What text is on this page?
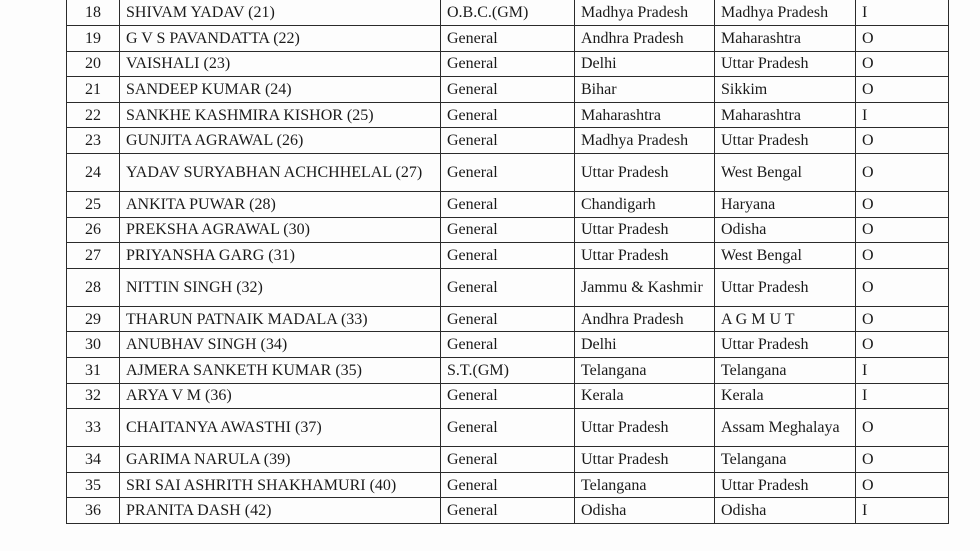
18	SHIVAM YADAV (21)	O.B.C.(GM)	Madhya Pradesh	Madhya Pradesh	I
19	G V S PAVANDATTA (22)	General	Andhra Pradesh	Maharashtra	O
20	VAISHALI (23)	General	Delhi	Uttar Pradesh	O
21	SANDEEP KUMAR (24)	General	Bihar	Sikkim	O
22	SANKHE KASHMIRA KISHOR (25)	General	Maharashtra	Maharashtra	I
23	GUNJITA AGRAWAL (26)	General	Madhya Pradesh	Uttar Pradesh	O
24	YADAV SURYABHAN ACHCHHELAL (27)	General	Uttar Pradesh	West Bengal	O
25	ANKITA PUWAR (28)	General	Chandigarh	Haryana	O
26	PREKSHA AGRAWAL (30)	General	Uttar Pradesh	Odisha	O
27	PRIYANSHA GARG (31)	General	Uttar Pradesh	West Bengal	O
28	NITTIN SINGH (32)	General	Jammu & Kashmir	Uttar Pradesh	O
29	THARUN PATNAIK MADALA (33)	General	Andhra Pradesh	A G M U T	O
30	ANUBHAV SINGH (34)	General	Delhi	Uttar Pradesh	O
31	AJMERA SANKETH KUMAR (35)	S.T.(GM)	Telangana	Telangana	I
32	ARYA V M (36)	General	Kerala	Kerala	I
33	CHAITANYA AWASTHI (37)	General	Uttar Pradesh	Assam Meghalaya	O
34	GARIMA NARULA (39)	General	Uttar Pradesh	Telangana	O
35	SRI SAI ASHRITH SHAKHAMURI (40)	General	Telangana	Uttar Pradesh	O
36	PRANITA DASH (42)	General	Odisha	Odisha	I
